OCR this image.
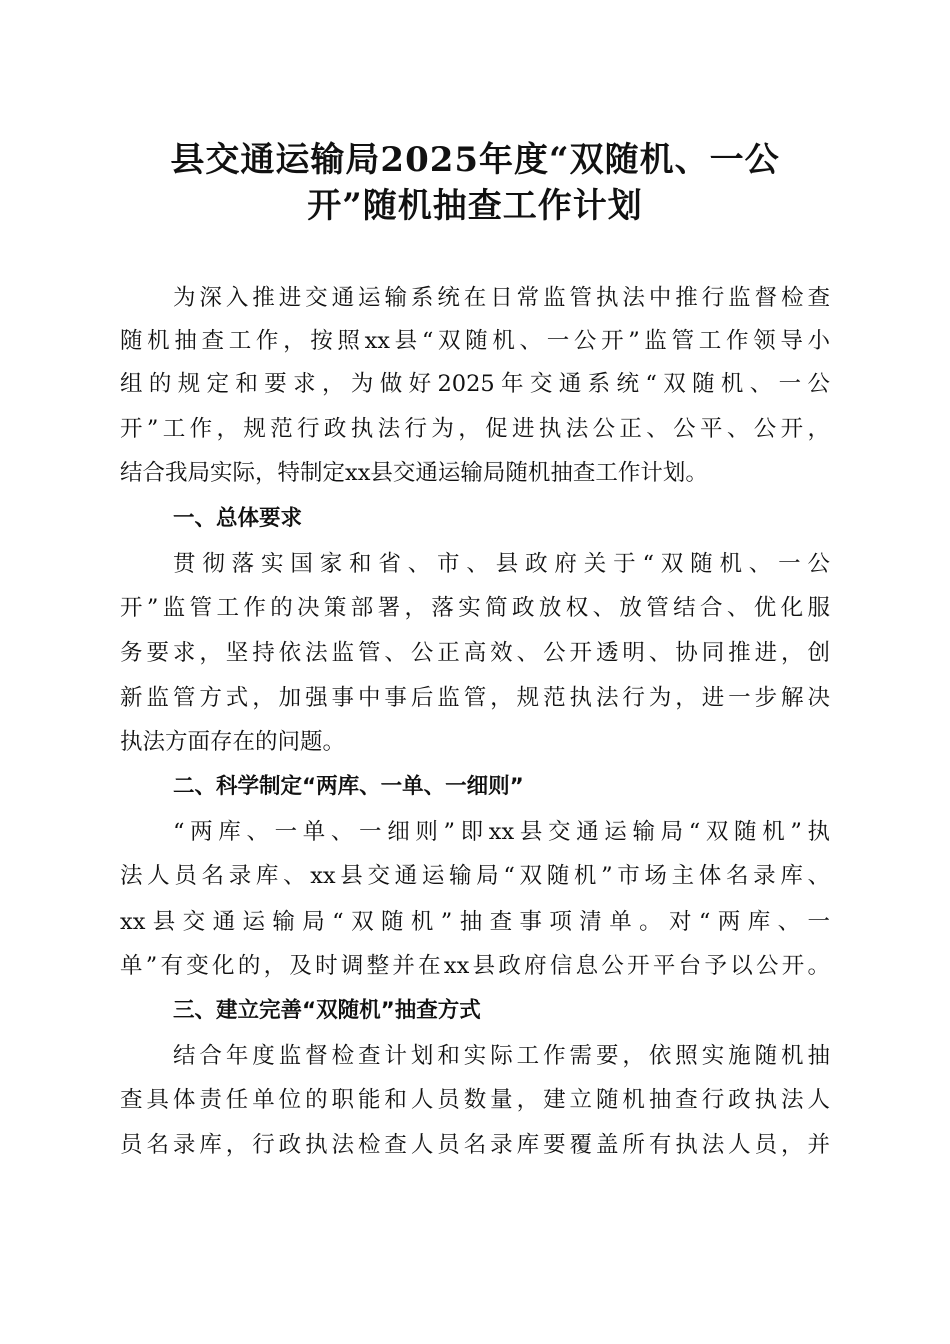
县交通运输局2025年度“双随机、一公
开”随机抽查工作计划
为深入推进交通运输系统在日常监管执法中推行监督检查
随机抽查工作，按照xx县“双随机、一公开”监管工作领导小
组的规定和要求，为做好2025年交通系统“双随机、一公
开”工作，规范行政执法行为，促进执法公正、公平、公开，
结合我局实际，特制定xx县交通运输局随机抽查工作计划。
一、总体要求
贯彻落实国家和省、市、县政府关于“双随机、一公
开”监管工作的决策部署，落实简政放权、放管结合、优化服
务要求，坚持依法监管、公正高效、公开透明、协同推进，创
新监管方式，加强事中事后监管，规范执法行为，进一步解决
执法方面存在的问题。
二、科学制定“两库、一单、一细则”
“两库、一单、一细则”即xx县交通运输局“双随机”执
法人员名录库、xx县交通运输局“双随机”市场主体名录库、
xx县交通运输局“双随机”抽查事项清单。对“两库、一
单”有变化的，及时调整并在xx县政府信息公开平台予以公开。
三、建立完善“双随机”抽查方式
结合年度监督检查计划和实际工作需要，依照实施随机抽
查具体责任单位的职能和人员数量，建立随机抽查行政执法人
员名录库，行政执法检查人员名录库要覆盖所有执法人员，并
